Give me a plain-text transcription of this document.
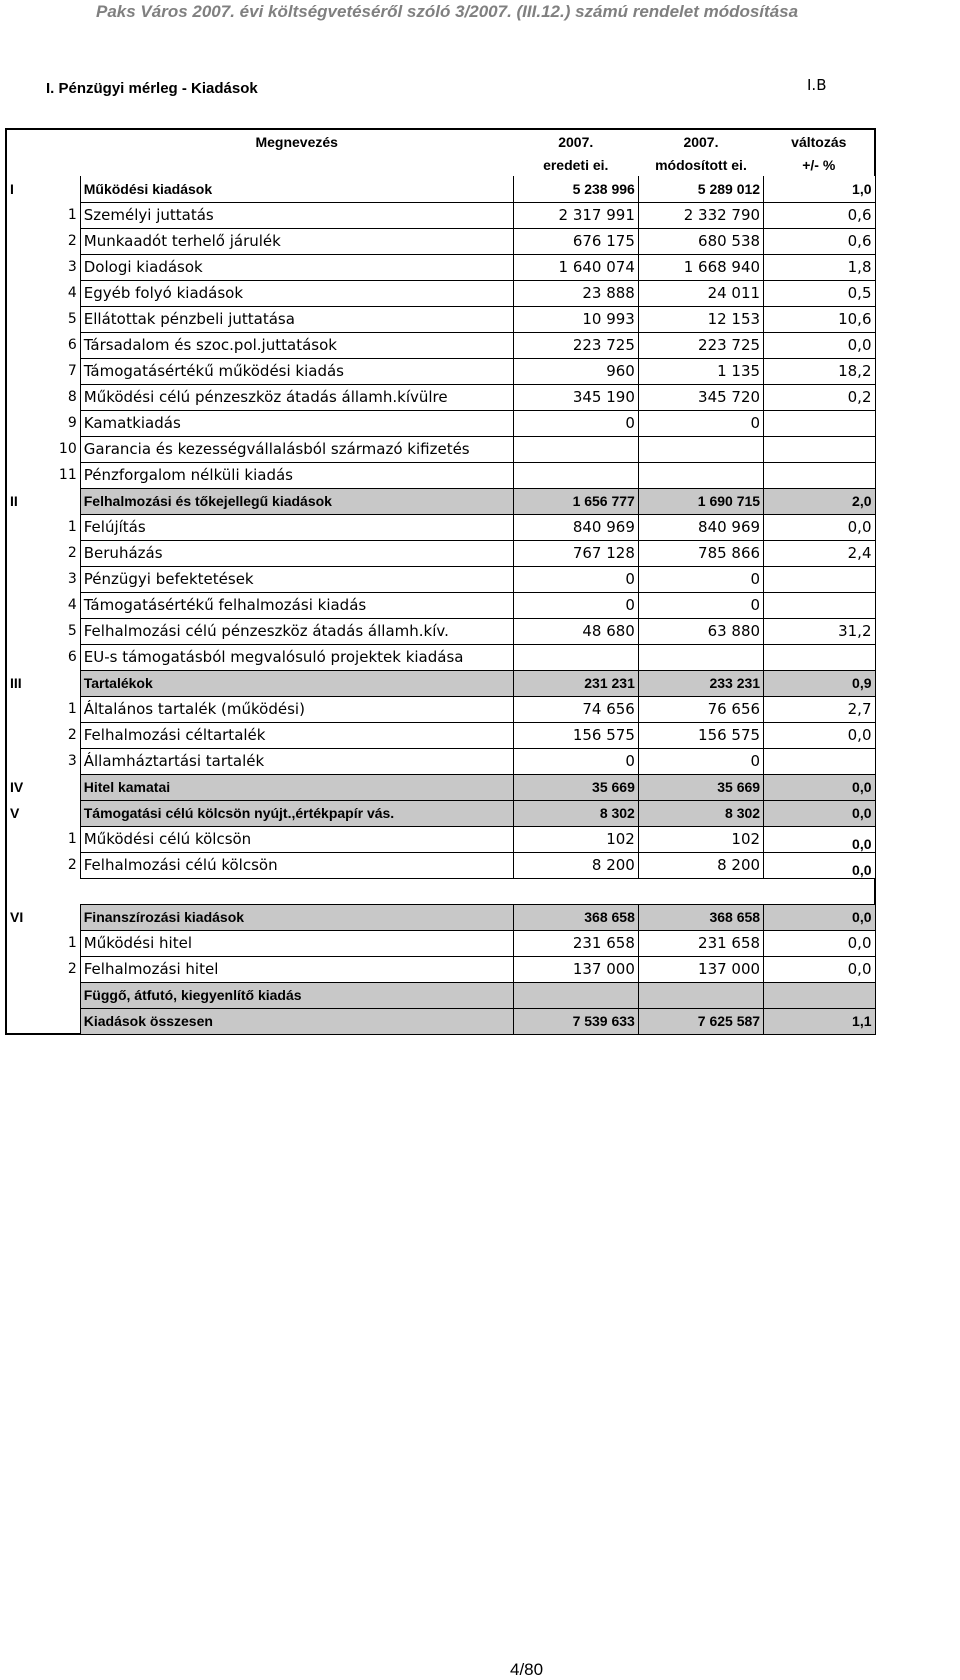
Paks Város 2007. évi költségvetéséről szóló 3/2007. (III.12.) számú rendelet módosítása
I. Pénzügyi mérleg - Kiadások	I.B
		Megnevezés	2007.	2007.	változás
			eredeti ei.	módosított ei.	+/- %
I		Működési kiadások	5 238 996	5 289 012	1,0
	1	Személyi juttatás	2 317 991	2 332 790	0,6
	2	Munkaadót terhelő járulék	676 175	680 538	0,6
	3	Dologi kiadások	1 640 074	1 668 940	1,8
	4	Egyéb folyó kiadások	23 888	24 011	0,5
	5	Ellátottak pénzbeli juttatása	10 993	12 153	10,6
	6	Társadalom és szoc.pol.juttatások	223 725	223 725	0,0
	7	Támogatásértékű működési kiadás	960	1 135	18,2
	8	Működési célú pénzeszköz átadás államh.kívülre	345 190	345 720	0,2
	9	Kamatkiadás	0	0	
	10	Garancia és kezességvállalásból származó kifizetés			
	11	Pénzforgalom nélküli kiadás			
II		Felhalmozási és tőkejellegű kiadások	1 656 777	1 690 715	2,0
	1	Felújítás	840 969	840 969	0,0
	2	Beruházás	767 128	785 866	2,4
	3	Pénzügyi befektetések	0	0	
	4	Támogatásértékű felhalmozási kiadás	0	0	
	5	Felhalmozási célú pénzeszköz átadás államh.kív.	48 680	63 880	31,2
	6	EU-s támogatásból megvalósuló projektek kiadása			
III		Tartalékok	231 231	233 231	0,9
	1	Általános tartalék (működési)	74 656	76 656	2,7
	2	Felhalmozási céltartalék	156 575	156 575	0,0
	3	Államháztartási tartalék	0	0	
IV		Hitel kamatai	35 669	35 669	0,0
V		Támogatási célú kölcsön nyújt.,értékpapír vás.	8 302	8 302	0,0
	1	Működési célú kölcsön	102	102	0,0
	2	Felhalmozási célú kölcsön	8 200	8 200	0,0

VI		Finanszírozási kiadások	368 658	368 658	0,0
	1	Működési hitel	231 658	231 658	0,0
	2	Felhalmozási hitel	137 000	137 000	0,0
		Függő, átfutó, kiegyenlítő kiadás			
		Kiadások összesen	7 539 633	7 625 587	1,1
4/80
